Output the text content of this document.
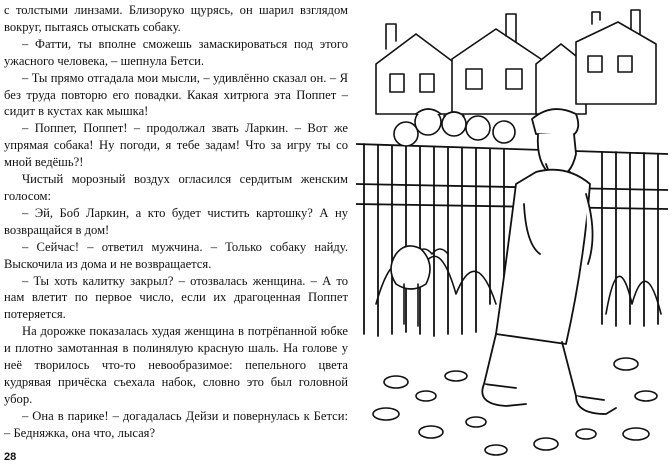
с толстыми линзами. Близоруко щурясь, он шарил взглядом вокруг, пытаясь отыскать собаку.

– Фатти, ты вполне сможешь замаскироваться под этого ужасного человека, – шепнула Бетси.

– Ты прямо отгадала мои мысли, – удивлённо сказал он. – Я без труда повторю его повадки. Какая хитрюга эта Поппет – сидит в кустах как мышка!

– Поппет, Поппет! – продолжал звать Ларкин. – Вот же упрямая собака! Ну погоди, я тебе задам! Что за игру ты со мной ведёшь?!

Чистый морозный воздух огласился сердитым женским голосом:

– Эй, Боб Ларкин, а кто будет чистить картошку? А ну возвращайся в дом!

– Сейчас! – ответил мужчина. – Только собаку найду. Выскочила из дома и не возвращается.

– Ты хоть калитку закрыл? – отозвалась женщина. – А то нам влетит по первое число, если их драгоценная Поппет потеряется.

На дорожке показалась худая женщина в потрёпанной юбке и плотно замотанная в полинялую красную шаль. На голове у неё творилось что-то невообразимое: пепельного цвета кудрявая причёска съехала набок, словно это был головной убор.

– Она в парике! – догадалась Дейзи и повернулась к Бетси: – Бедняжка, она что, лысая?

28
